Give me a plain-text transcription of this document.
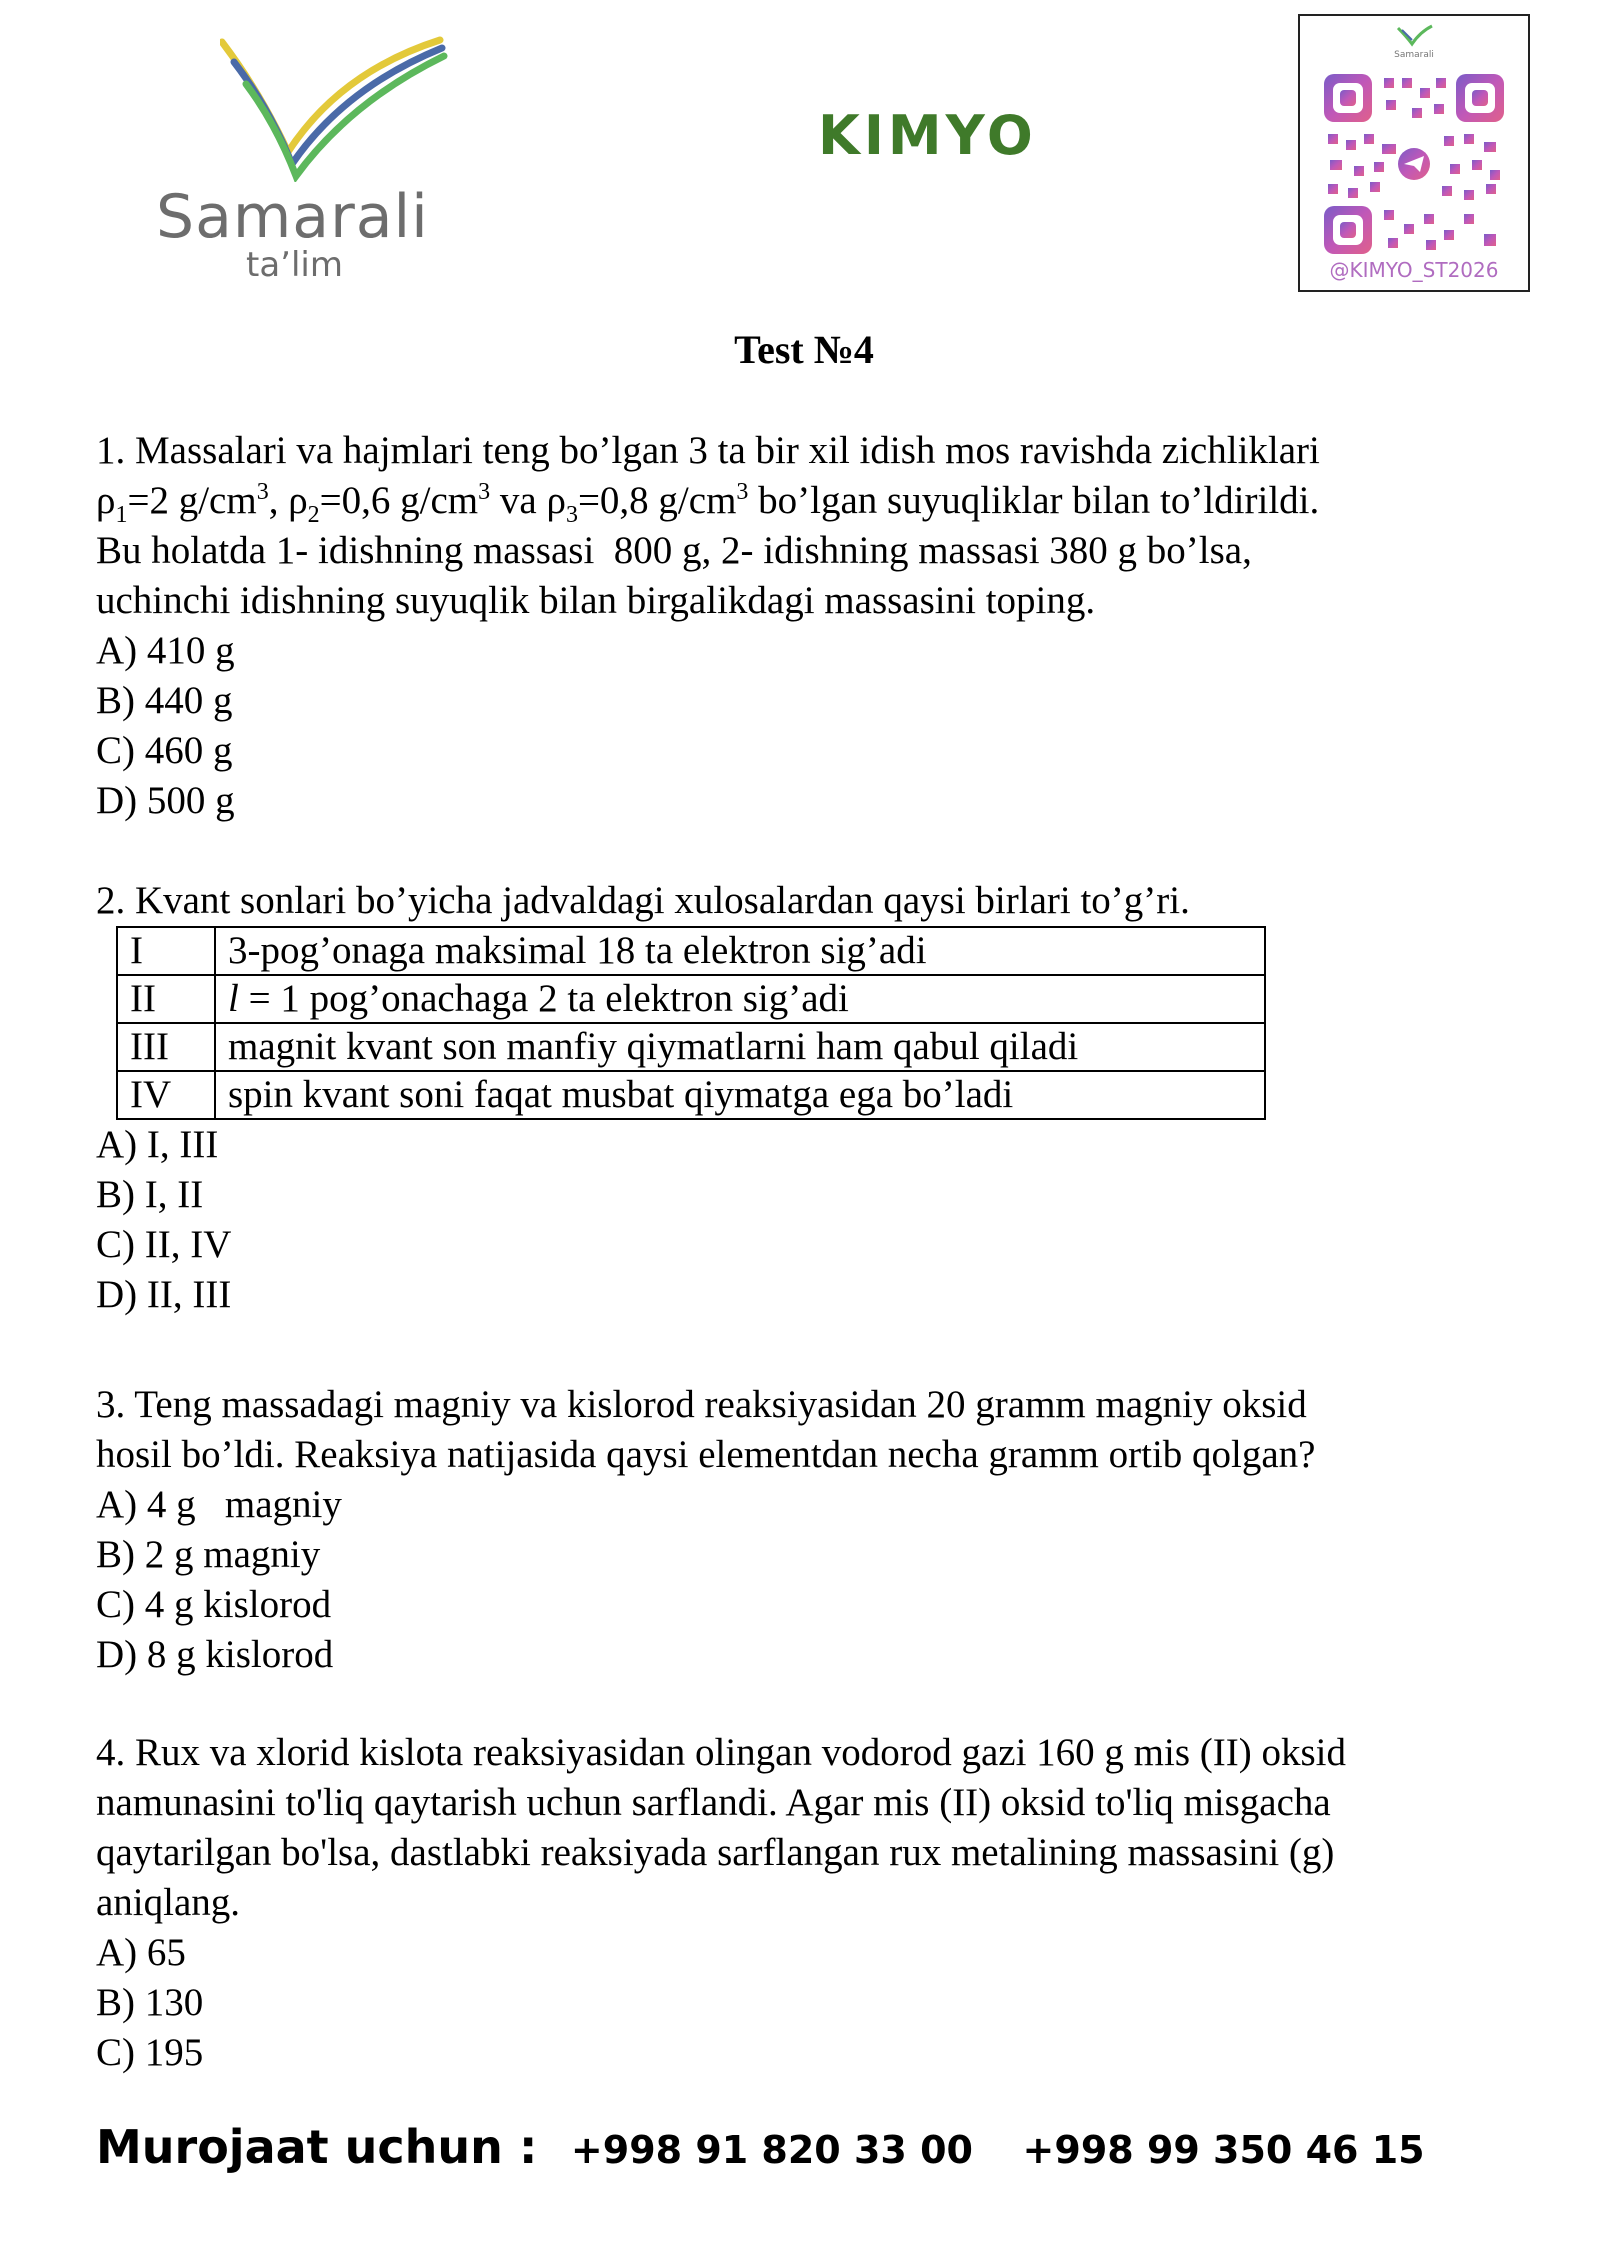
Samarali
ta’lim
KIMYO
Samarali
@KIMYO_ST2026
Test №4

1. Massalari va hajmlari teng bo’lgan 3 ta bir xil idish mos ravishda zichliklari

$\rho_1=2$ $g/cm^3$, $\rho_2=0,6$ $g/cm^3$ va $\rho_3=0,8$ $g/cm^3$ bo’lgan suyuqliklar bilan to’ldirildi.

Bu holatda 1- idishning massasi  800 g, 2- idishning massasi 380 g bo’lsa,

uchinchi idishning suyuqlik bilan birgalikdagi massasini toping.

A) 410 g
B) 440 g
C) 460 g
D) 500 g

2. Kvant sonlari bo’yicha jadvaldagi xulosalardan qaysi birlari to’g’ri.

I	3-pog’onaga maksimal 18 ta elektron sig’adi
II	l = 1 pog’onachaga 2 ta elektron sig’adi
III	magnit kvant son manfiy qiymatlarni ham qabul qiladi
IV	spin kvant soni faqat musbat qiymatga ega bo’ladi
A) I, III
B) I, II
C) II, IV
D) II, III

3. Teng massadagi magniy va kislorod reaksiyasidan 20 gramm magniy oksid

hosil bo’ldi. Reaksiya natijasida qaysi elementdan necha gramm ortib qolgan?

A) 4 g   magniy
B) 2 g magniy
C) 4 g kislorod
D) 8 g kislorod

4. Rux va xlorid kislota reaksiyasidan olingan vodorod gazi 160 g mis (II) oksid

namunasini to'liq qaytarish uchun sarflandi. Agar mis (II) oksid to'liq misgacha

qaytarilgan bo'lsa, dastlabki reaksiyada sarflangan rux metalining massasini (g)

aniqlang.

A) 65
B) 130
C) 195
Murojaat uchun : +998 91 820 33 00 +998 99 350 46 15
